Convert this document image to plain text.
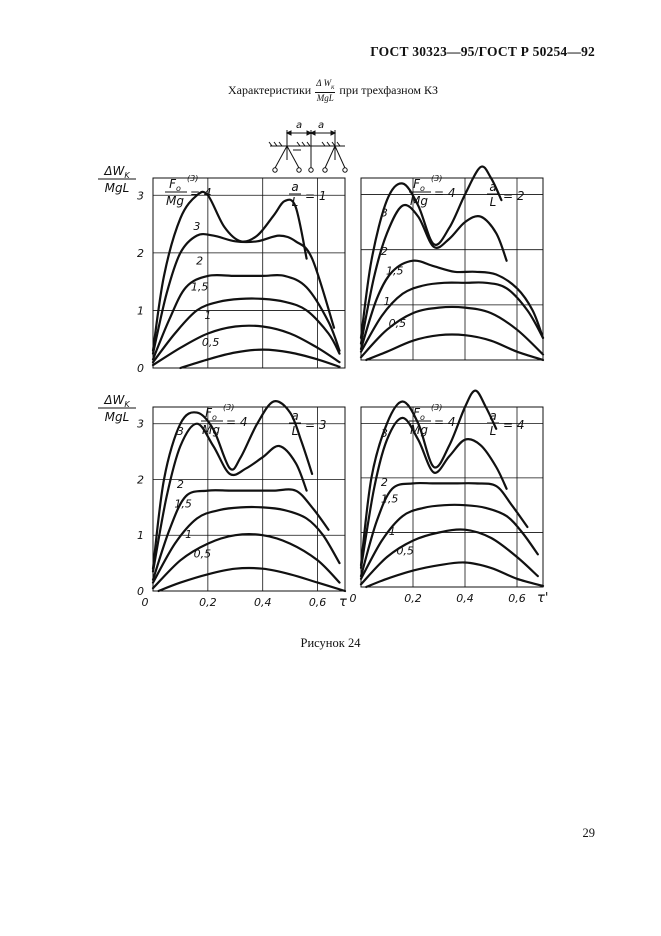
ГОСТ 30323—95/ГОСТ Р 50254—92
Характеристики $\frac{\Delta W_к}{\text{MgL}}$ при трехфазном КЗ
a a
3
2
1,5
1
0,5
0
1
2
3
$\Delta W_K$
MgL	a
L = 1
$F_o$
(3)
Mg
= 4
3
2
1,5
1
0,5
a
L = 2
$F_o$
(3)
Mg
= 4
3
2
1,5
1
0,5
0
1
2
3
0,2	0,4	0,6
0	τ
$\Delta W_K$
MgL	a
L = 3
$F_o$
(3)
Mg
= 4
3
2
1,5
1
0,5
0,2	0,4	0,6
0	τ'
a
L = 4
$F_o$
(3)
Mg
= 4
Рисунок 24
29
